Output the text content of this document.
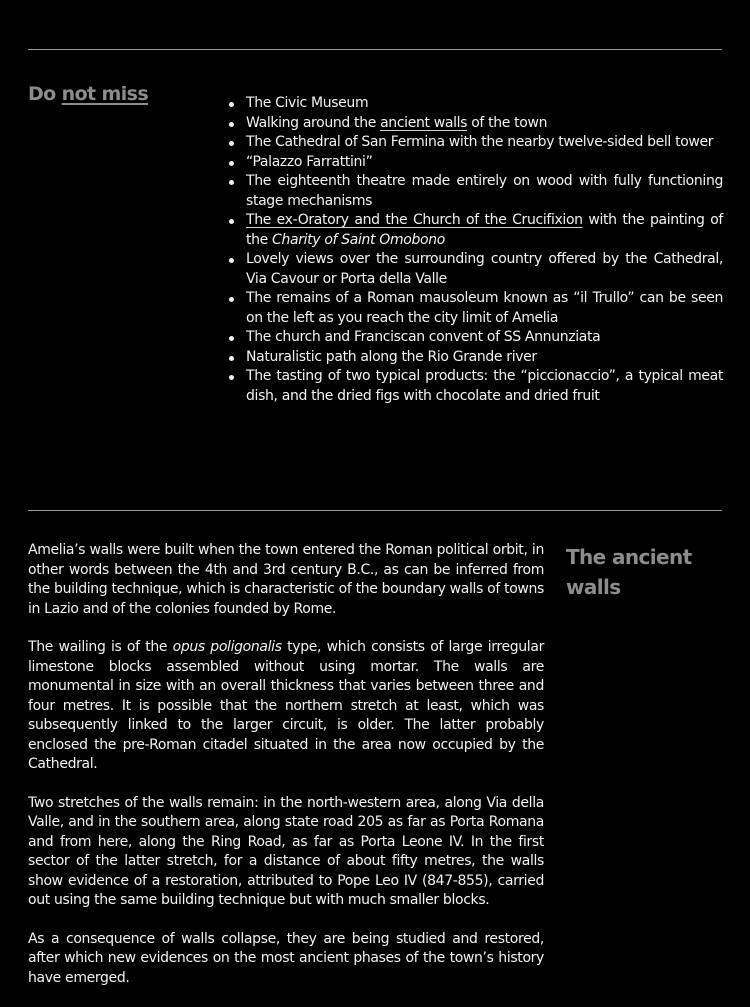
Do not miss	The Civic Museum
Walking around the ancient walls of the town
The Cathedral of San Fermina with the nearby twelve-sided bell tower
“Palazzo Farrattini”
The eighteenth theatre made entirely on wood with fully functioning stage mechanisms
The ex-Oratory and the Church of the Crucifixion with the painting of the Charity of Saint Omobono
Lovely views over the surrounding country offered by the Cathedral, Via Cavour or Porta della Valle
The remains of a Roman mausoleum known as “il Trullo” can be seen on the left as you reach the city limit of Amelia
The church and Franciscan convent of SS Annunziata
Naturalistic path along the Rio Grande river
The tasting of two typical products: the “piccionaccio”, a typical meat dish, and the dried figs with chocolate and dried fruit

Amelia’s walls were built when the town entered the Roman political orbit, in other words between the 4th and 3rd century B.C., as can be inferred from the building technique, which is characteristic of the boundary walls of towns in Lazio and of the colonies founded by Rome.

The wailing is of the opus poligonalis type, which consists of large irregular limestone blocks assembled without using mortar. The walls are monumental in size with an overall thickness that varies between three and four metres. It is possible that the northern stretch at least, which was subsequently linked to the larger circuit, is older. The latter probably enclosed the pre-Roman citadel situated in the area now occupied by the Cathedral.

Two stretches of the walls remain: in the north-western area, along Via della Valle, and in the southern area, along state road 205 as far as Porta Romana and from here, along the Ring Road, as far as Porta Leone IV. In the first sector of the latter stretch, for a distance of about fifty metres, the walls show evidence of a restoration, attributed to Pope Leo IV (847-855), carried out using the same building technique but with much smaller blocks.

As a consequence of walls collapse, they are being studied and restored, after which new evidences on the most ancient phases of the town’s history have emerged.

The ancient walls
